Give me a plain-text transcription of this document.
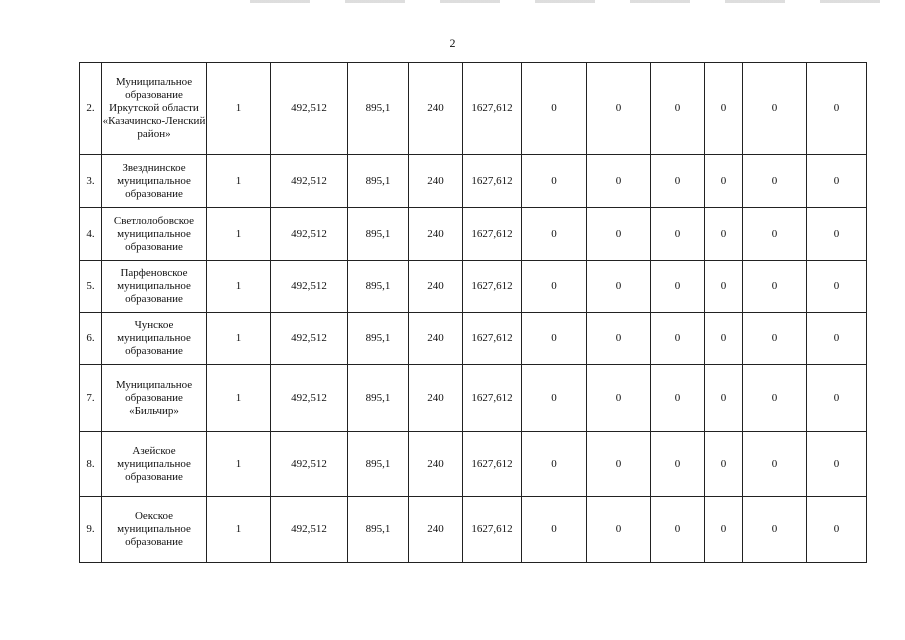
2
2.	Муниципальное образование Иркутской области «Казачинско-Ленский район»	1	492,512	895,1	240	1627,612	0	0	0	0	0	0
3.	Звезднинское муниципальное образование	1	492,512	895,1	240	1627,612	0	0	0	0	0	0
4.	Светлолобовское муниципальное образование	1	492,512	895,1	240	1627,612	0	0	0	0	0	0
5.	Парфеновское муниципальное образование	1	492,512	895,1	240	1627,612	0	0	0	0	0	0
6.	Чунское муниципальное образование	1	492,512	895,1	240	1627,612	0	0	0	0	0	0
7.	Муниципальное образование «Бильчир»	1	492,512	895,1	240	1627,612	0	0	0	0	0	0
8.	Азейское муниципальное образование	1	492,512	895,1	240	1627,612	0	0	0	0	0	0
9.	Оекское муниципальное образование	1	492,512	895,1	240	1627,612	0	0	0	0	0	0
